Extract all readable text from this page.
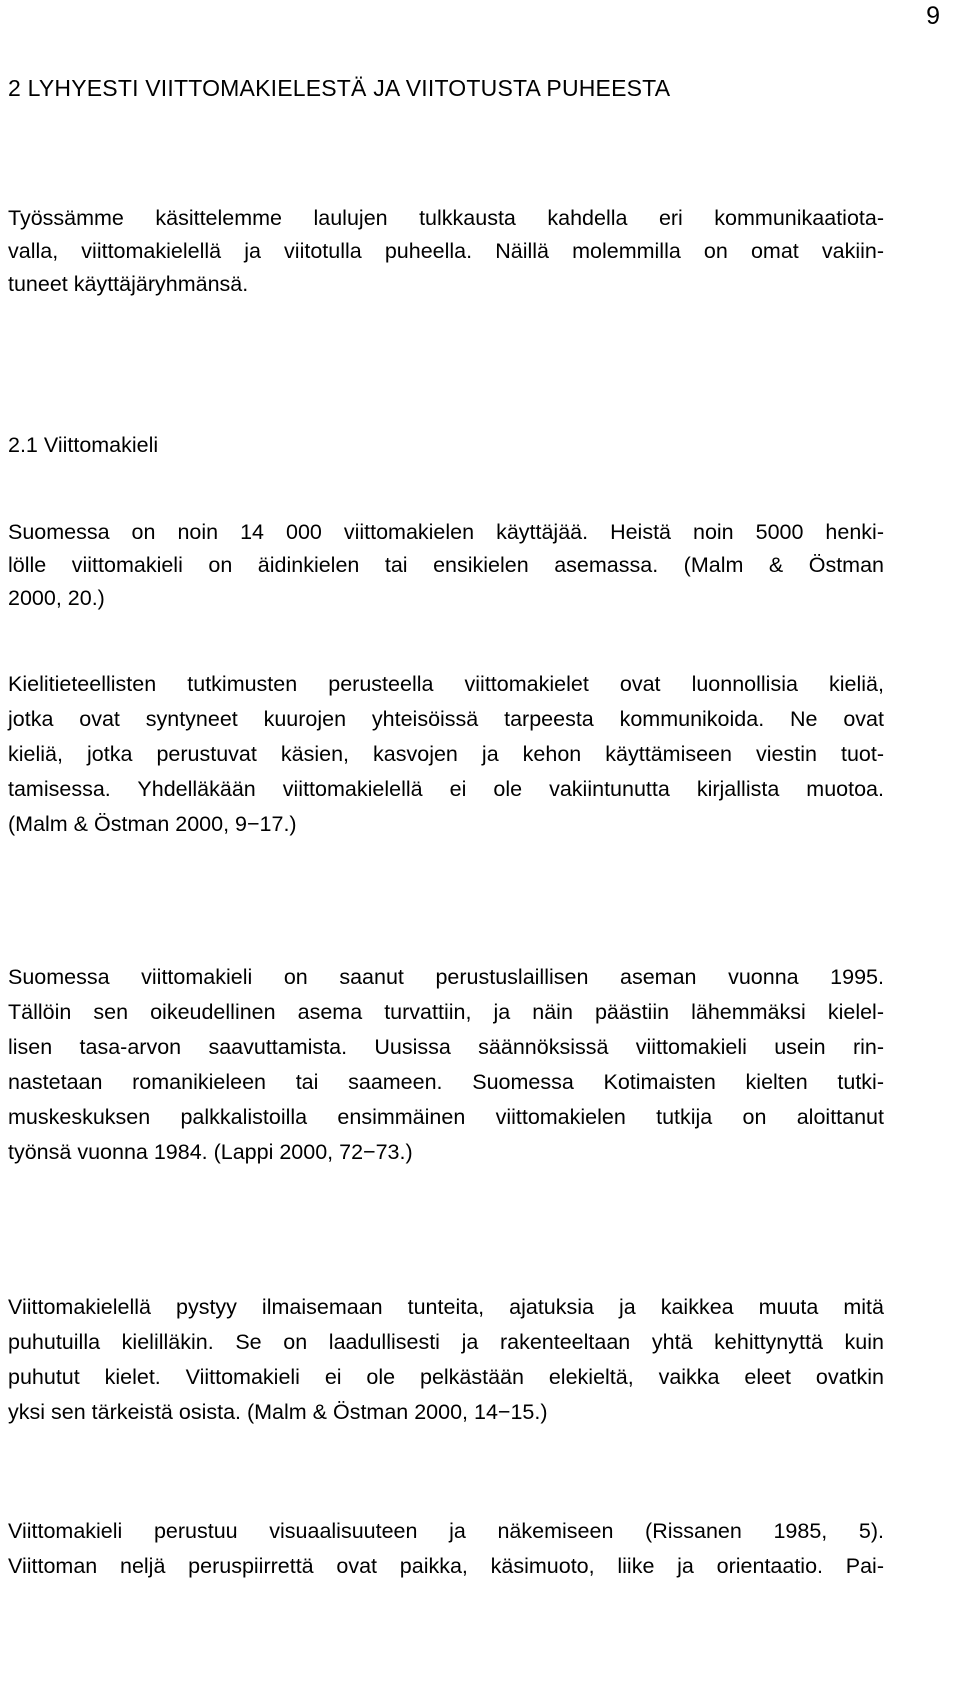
9
2 LYHYESTI VIITTOMAKIELESTÄ JA VIITOTUSTA PUHEESTA
Työssämme käsittelemme laulujen tulkkausta kahdella eri kommunikaatiota-
valla, viittomakielellä ja viitotulla puheella. Näillä molemmilla on omat vakiin-
tuneet käyttäjäryhmänsä.
2.1 Viittomakieli
Suomessa on noin 14 000 viittomakielen käyttäjää. Heistä noin 5000 henki-
lölle viittomakieli on äidinkielen tai ensikielen asemassa. (Malm & Östman
2000, 20.)
Kielitieteellisten tutkimusten perusteella viittomakielet ovat luonnollisia kieliä,
jotka ovat syntyneet kuurojen yhteisöissä tarpeesta kommunikoida. Ne ovat
kieliä, jotka perustuvat käsien, kasvojen ja kehon käyttämiseen viestin tuot-
tamisessa. Yhdelläkään viittomakielellä ei ole vakiintunutta kirjallista muotoa.
(Malm & Östman 2000, 9−17.)
Suomessa viittomakieli on saanut perustuslaillisen aseman vuonna 1995.
Tällöin sen oikeudellinen asema turvattiin, ja näin päästiin lähemmäksi kielel-
lisen tasa-arvon saavuttamista. Uusissa säännöksissä viittomakieli usein rin-
nastetaan romanikieleen tai saameen. Suomessa Kotimaisten kielten tutki-
muskeskuksen palkkalistoilla ensimmäinen viittomakielen tutkija on aloittanut
työnsä vuonna 1984. (Lappi 2000, 72−73.)
Viittomakielellä pystyy ilmaisemaan tunteita, ajatuksia ja kaikkea muuta mitä
puhutuilla kielilläkin. Se on laadullisesti ja rakenteeltaan yhtä kehittynyttä kuin
puhutut kielet. Viittomakieli ei ole pelkästään elekieltä, vaikka eleet ovatkin
yksi sen tärkeistä osista. (Malm & Östman 2000, 14−15.)
Viittomakieli perustuu visuaalisuuteen ja näkemiseen (Rissanen 1985, 5).
Viittoman neljä peruspiirrettä ovat paikka, käsimuoto, liike ja orientaatio. Pai-
